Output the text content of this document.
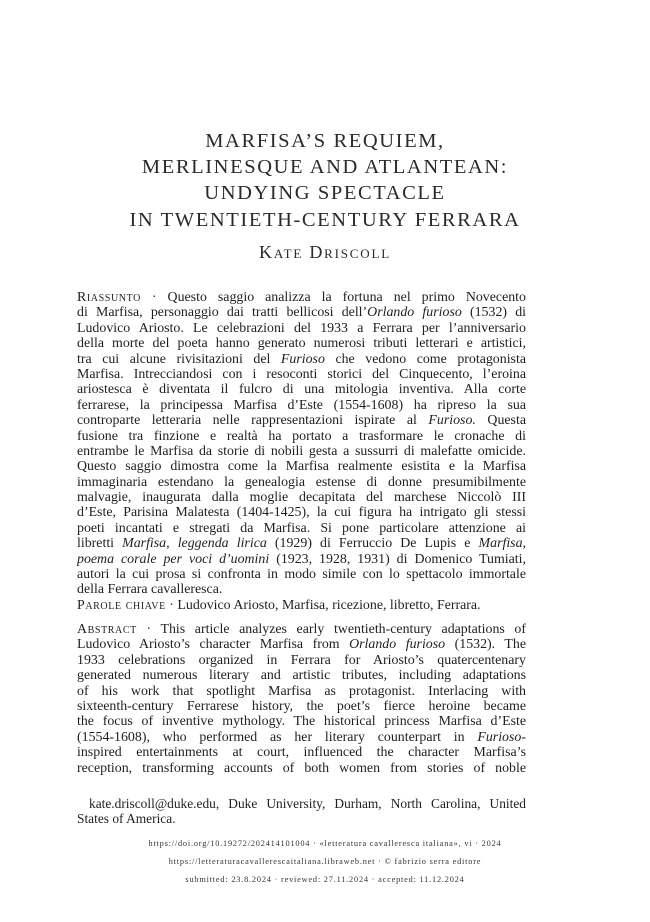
MARFISA’S REQUIEM,
MERLINESQUE AND ATLANTEAN:
UNDYING SPECTACLE
IN TWENTIETH-CENTURY FERRARA
Kate Driscoll
Riassunto · Questo saggio analizza la fortuna nel primo Novecento
di Marfisa, personaggio dai tratti bellicosi dell’Orlando furioso (1532) di
Ludovico Ariosto. Le celebrazioni del 1933 a Ferrara per l’anniversario
della morte del poeta hanno generato numerosi tributi letterari e artistici,
tra cui alcune rivisitazioni del Furioso che vedono come protagonista
Marfisa. Intrecciandosi con i resoconti storici del Cinquecento, l’eroina
ariostesca è diventata il fulcro di una mitologia inventiva. Alla corte
ferrarese, la principessa Marfisa d’Este (1554-1608) ha ripreso la sua
controparte letteraria nelle rappresentazioni ispirate al Furioso. Questa
fusione tra finzione e realtà ha portato a trasformare le cronache di
entrambe le Marfisa da storie di nobili gesta a sussurri di malefatte omicide.
Questo saggio dimostra come la Marfisa realmente esistita e la Marfisa
immaginaria estendano la genealogia estense di donne presumibilmente
malvagie, inaugurata dalla moglie decapitata del marchese Niccolò III
d’Este, Parisina Malatesta (1404-1425), la cui figura ha intrigato gli stessi
poeti incantati e stregati da Marfisa. Si pone particolare attenzione ai
libretti Marfisa, leggenda lirica (1929) di Ferruccio De Lupis e Marfisa,
poema corale per voci d’uomini (1923, 1928, 1931) di Domenico Tumiati,
autori la cui prosa si confronta in modo simile con lo spettacolo immortale
della Ferrara cavalleresca.
Parole chiave · Ludovico Ariosto, Marfisa, ricezione, libretto, Ferrara.
Abstract · This article analyzes early twentieth-century adaptations of
Ludovico Ariosto’s character Marfisa from Orlando furioso (1532). The
1933 celebrations organized in Ferrara for Ariosto’s quatercentenary
generated numerous literary and artistic tributes, including adaptations
of his work that spotlight Marfisa as protagonist. Interlacing with
sixteenth-century Ferrarese history, the poet’s fierce heroine became
the focus of inventive mythology. The historical princess Marfisa d’Este
(1554-1608), who performed as her literary counterpart in Furioso-
inspired entertainments at court, influenced the character Marfisa’s
reception, transforming accounts of both women from stories of noble
kate.driscoll@duke.edu, Duke University, Durham, North Carolina, United
States of America.
https://doi.org/10.19272/202414101004 · «letteratura cavalleresca italiana», vi · 2024
https://letteraturacavallerescaitaliana.libraweb.net · © fabrizio serra editore
submitted: 23.8.2024 · reviewed: 27.11.2024 · accepted: 11.12.2024
